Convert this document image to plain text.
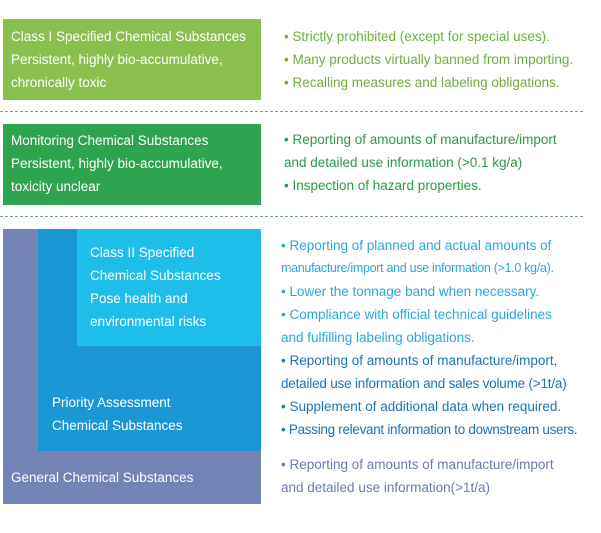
Class I Specified Chemical Substances
Persistent, highly bio-accumulative,
chronically toxic
• Strictly prohibited (except for special uses).
• Many products virtually banned from importing.
• Recalling measures and labeling obligations.
Monitoring Chemical Substances
Persistent, highly bio-accumulative,
toxicity unclear
• Reporting of amounts of manufacture/import
and detailed use information (>0.1 kg/a)
• Inspection of hazard properties.
General Chemical Substances
Priority Assessment
Chemical Substances
Class II Specified
Chemical Substances
Pose health and
environmental risks
• Reporting of planned and actual amounts of
manufacture/import and use information (>1.0 kg/a).
• Lower the tonnage band when necessary.
• Compliance with official technical guidelines
and fulfilling labeling obligations.
• Reporting of amounts of manufacture/import,
detailed use information and sales volume (>1t/a)
• Supplement of additional data when required.
• Passing relevant information to downstream users.
• Reporting of amounts of manufacture/import
and detailed use information(>1t/a)
